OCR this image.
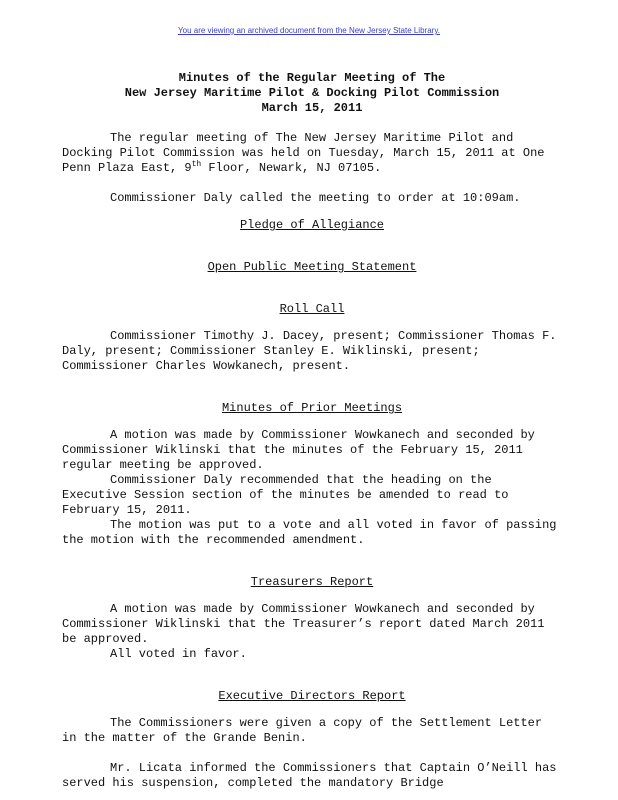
You are viewing an archived document from the New Jersey State Library.

Minutes of the Regular Meeting of The

New Jersey Maritime Pilot & Docking Pilot Commission

March 15, 2011

The regular meeting of The New Jersey Maritime Pilot and Docking Pilot Commission was held on Tuesday, March 15, 2011 at One Penn Plaza East, 9th Floor, Newark, NJ 07105.

Commissioner Daly called the meeting to order at 10:09am.

Pledge of Allegiance

Open Public Meeting Statement

Roll Call

Commissioner Timothy J. Dacey, present; Commissioner Thomas F. Daly, present; Commissioner Stanley E. Wiklinski, present; Commissioner Charles Wowkanech, present.

Minutes of Prior Meetings

A motion was made by Commissioner Wowkanech and seconded by Commissioner Wiklinski that the minutes of the February 15, 2011 regular meeting be approved.

Commissioner Daly recommended that the heading on the Executive Session section of the minutes be amended to read to February 15, 2011.

The motion was put to a vote and all voted in favor of passing the motion with the recommended amendment.

Treasurers Report

A motion was made by Commissioner Wowkanech and seconded by Commissioner Wiklinski that the Treasurer’s report dated March 2011 be approved.

All voted in favor.

Executive Directors Report

The Commissioners were given a copy of the Settlement Letter in the matter of the Grande Benin.

Mr. Licata informed the Commissioners that Captain O’Neill has served his suspension, completed the mandatory Bridge
